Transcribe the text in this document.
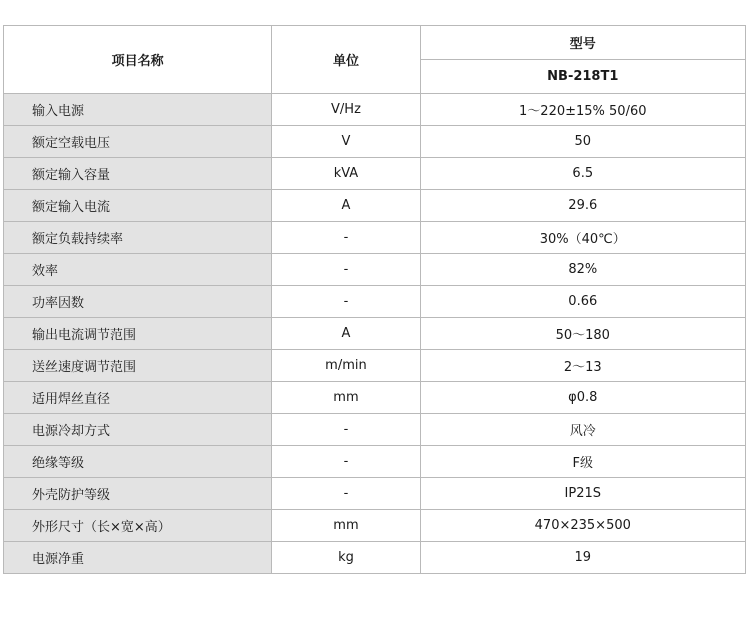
项目名称	单位	型号
		NB-218T1
输入电源	V/Hz	1～220±15% 50/60
额定空载电压	V	50
额定输入容量	kVA	6.5
额定输入电流	A	29.6
额定负载持续率	-	30%（40℃）
效率	-	82%
功率因数	-	0.66
输出电流调节范围	A	50～180
送丝速度调节范围	m/min	2～13
适用焊丝直径	mm	φ0.8
电源冷却方式	-	风冷
绝缘等级	-	F级
外壳防护等级	-	IP21S
外形尺寸（长×宽×高）	mm	470×235×500
电源净重	kg	19
